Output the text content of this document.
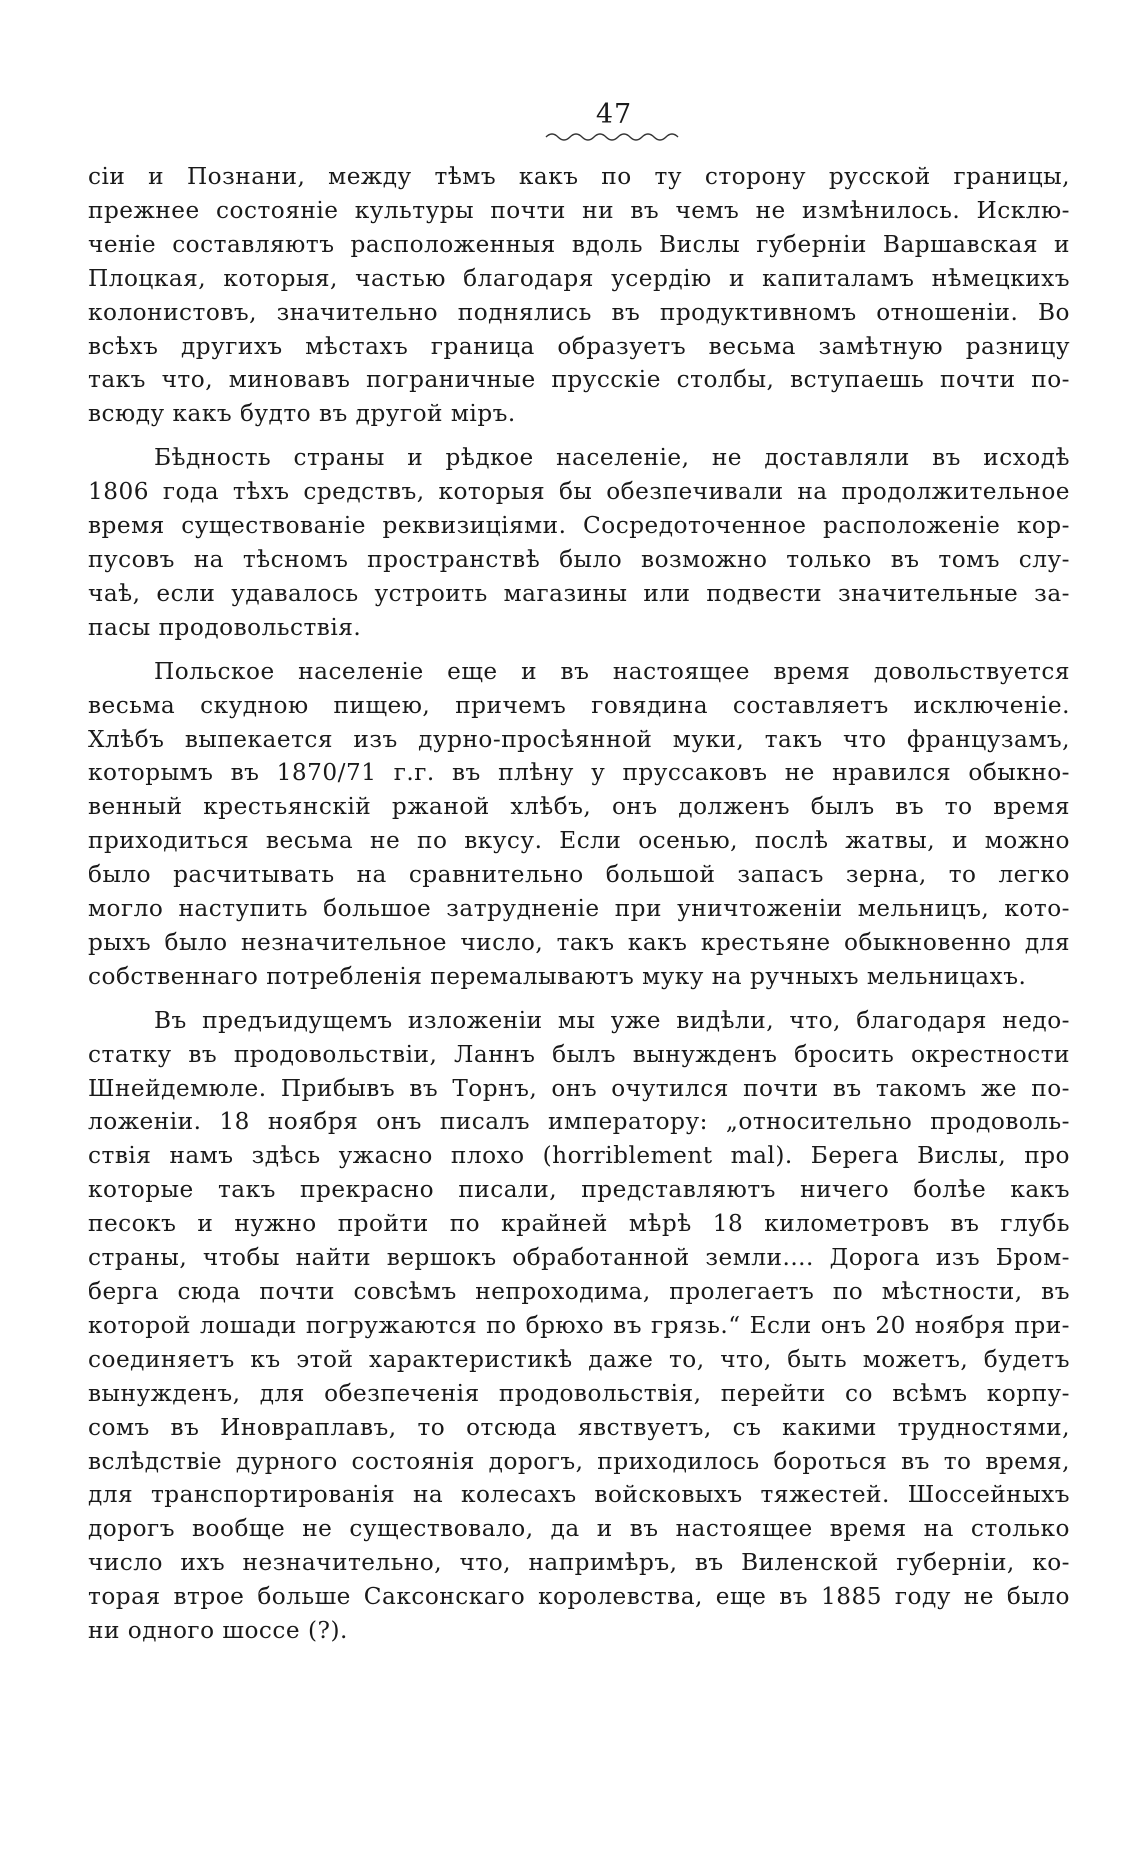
47
сіи и Познани, между тѣмъ какъ по ту сторону русской границы,
прежнее состояніе культуры почти ни въ чемъ не измѣнилось. Исклю-
ченіе составляютъ расположенныя вдоль Вислы губерніи Варшавская и
Плоцкая, которыя, частью благодаря усердію и капиталамъ нѣмецкихъ
колонистовъ, значительно поднялись въ продуктивномъ отношеніи. Во
всѣхъ другихъ мѣстахъ граница образуетъ весьма замѣтную разницу
такъ что, миновавъ пограничные прусскіе столбы, вступаешь почти по-
всюду какъ будто въ другой міръ.
Бѣдность страны и рѣдкое населеніе, не доставляли въ исходѣ
1806 года тѣхъ средствъ, которыя бы обезпечивали на продолжительное
время существованіе реквизиціями. Сосредоточенное расположеніе кор-
пусовъ на тѣсномъ пространствѣ было возможно только въ томъ слу-
чаѣ, если удавалось устроить магазины или подвести значительные за-
пасы продовольствія.
Польское населеніе еще и въ настоящее время довольствуется
весьма скудною пищею, причемъ говядина составляетъ исключеніе.
Хлѣбъ выпекается изъ дурно-просѣянной муки, такъ что французамъ,
которымъ въ 1870/71 г.г. въ плѣну у пруссаковъ не нравился обыкно-
венный крестьянскій ржаной хлѣбъ, онъ долженъ былъ въ то время
приходиться весьма не по вкусу. Если осенью, послѣ жатвы, и можно
было расчитывать на сравнительно большой запасъ зерна, то легко
могло наступить большое затрудненіе при уничтоженіи мельницъ, кото-
рыхъ было незначительное число, такъ какъ крестьяне обыкновенно для
собственнаго потребленія перемалываютъ муку на ручныхъ мельницахъ.
Въ предъидущемъ изложеніи мы уже видѣли, что, благодаря недо-
статку въ продовольствіи, Ланнъ былъ вынужденъ бросить окрестности
Шнейдемюле. Прибывъ въ Торнъ, онъ очутился почти въ такомъ же по-
ложеніи. 18 ноября онъ писалъ императору: „относительно продоволь-
ствія намъ здѣсь ужасно плохо (horriblement mal). Берега Вислы, про
которые такъ прекрасно писали, представляютъ ничего болѣе какъ
песокъ и нужно пройти по крайней мѣрѣ 18 километровъ въ глубь
страны, чтобы найти вершокъ обработанной земли.... Дорога изъ Бром-
берга сюда почти совсѣмъ непроходима, пролегаетъ по мѣстности, въ
которой лошади погружаются по брюхо въ грязь.“ Если онъ 20 ноября при-
соединяетъ къ этой характеристикѣ даже то, что, быть можетъ, будетъ
вынужденъ, для обезпеченія продовольствія, перейти со всѣмъ корпу-
сомъ въ Иновраплавъ, то отсюда явствуетъ, съ какими трудностями,
вслѣдствіе дурного состоянія дорогъ, приходилось бороться въ то время,
для транспортированія на колесахъ войсковыхъ тяжестей. Шоссейныхъ
дорогъ вообще не существовало, да и въ настоящее время на столько
число ихъ незначительно, что, напримѣръ, въ Виленской губерніи, ко-
торая втрое больше Саксонскаго королевства, еще въ 1885 году не было
ни одного шоссе (?).
